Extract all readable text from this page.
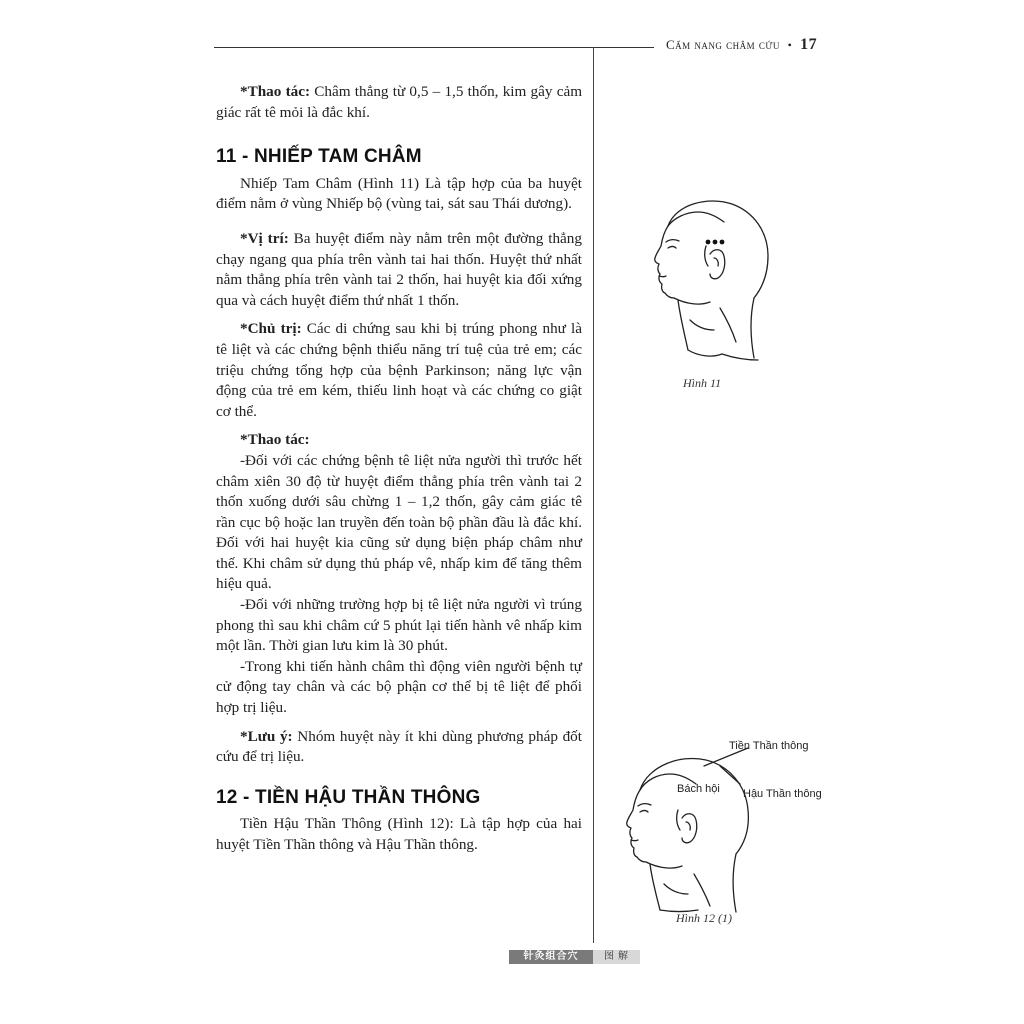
Cẩm nang châm cứu • 17

*Thao tác: Châm thẳng từ 0,5 – 1,5 thốn, kim gây cảm giác rất tê mỏi là đắc khí.

11 - NHIẾP TAM CHÂM

Nhiếp Tam Châm (Hình 11) Là tập hợp của ba huyệt điểm nằm ở vùng Nhiếp bộ (vùng tai, sát sau Thái dương).

*Vị trí: Ba huyệt điểm này nằm trên một đường thẳng chạy ngang qua phía trên vành tai hai thốn. Huyệt thứ nhất nằm thẳng phía trên vành tai 2 thốn, hai huyệt kia đối xứng qua và cách huyệt điểm thứ nhất 1 thốn.

*Chủ trị: Các di chứng sau khi bị trúng phong như là tê liệt và các chứng bệnh thiểu năng trí tuệ của trẻ em; các triệu chứng tổng hợp của bệnh Parkinson; năng lực vận động của trẻ em kém, thiếu linh hoạt và các chứng co giật cơ thể.

*Thao tác:

-Đối với các chứng bệnh tê liệt nửa người thì trước hết châm xiên 30 độ từ huyệt điểm thẳng phía trên vành tai 2 thốn xuống dưới sâu chừng 1 – 1,2 thốn, gây cảm giác tê rần cục bộ hoặc lan truyền đến toàn bộ phần đầu là đắc khí. Đối với hai huyệt kia cũng sử dụng biện pháp châm như thế. Khi châm sử dụng thủ pháp vê, nhấp kim để tăng thêm hiệu quả.

-Đối với những trường hợp bị tê liệt nửa người vì trúng phong thì sau khi châm cứ 5 phút lại tiến hành vê nhấp kim một lần. Thời gian lưu kim là 30 phút.

-Trong khi tiến hành châm thì động viên người bệnh tự cử động tay chân và các bộ phận cơ thể bị tê liệt để phối hợp trị liệu.

*Lưu ý: Nhóm huyệt này ít khi dùng phương pháp đốt cứu để trị liệu.

12 - TIỀN HẬU THẦN THÔNG

Tiền Hậu Thần Thông (Hình 12): Là tập hợp của hai huyệt Tiền Thần thông và Hậu Thần thông.

Hình 11
Tiền Thần thông
Bách hội Hậu Thần thông
Hình 12 (1)
针灸组合穴	图解
